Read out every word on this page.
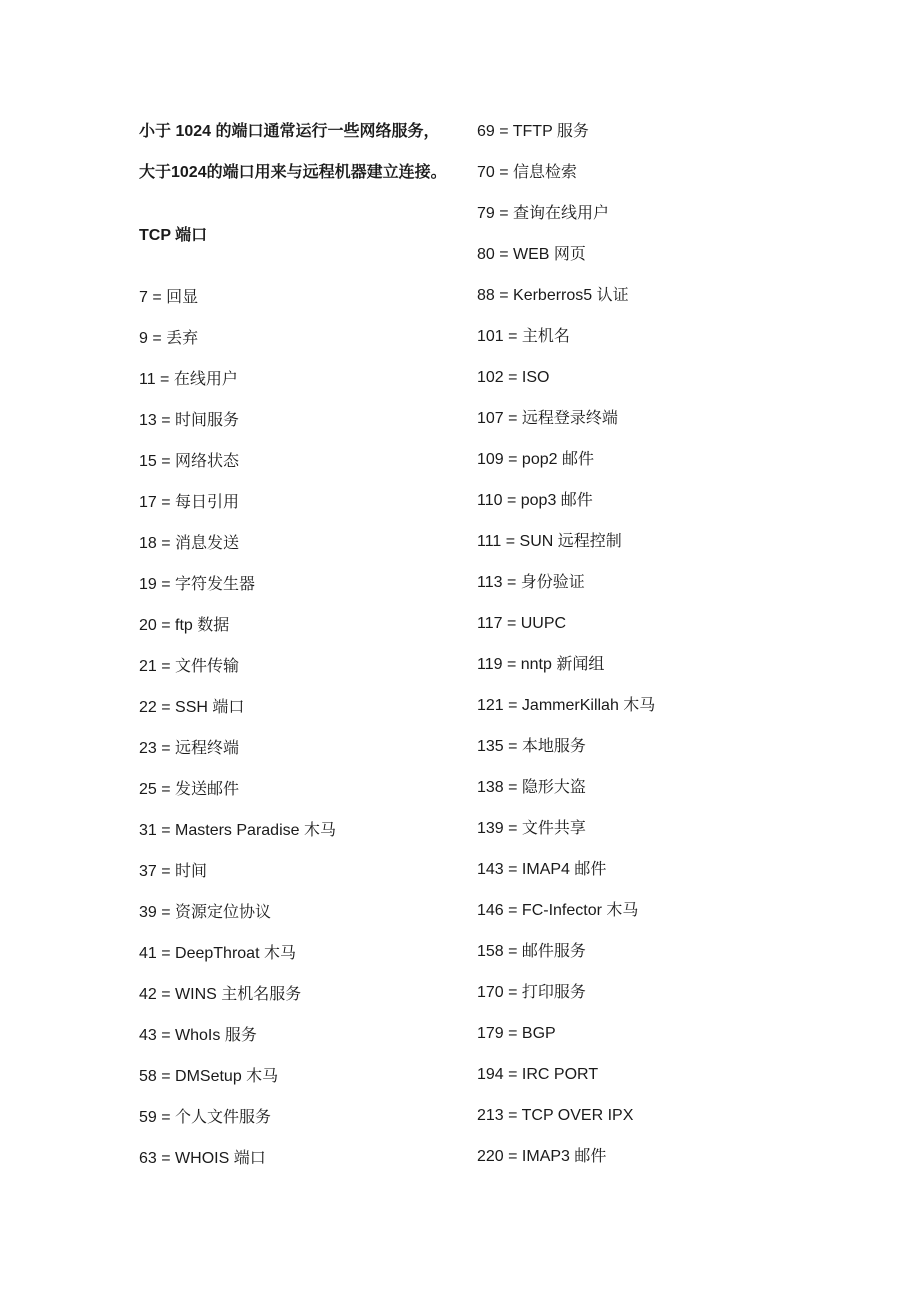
小于 1024 的端口通常运行一些网络服务，
大于1024的端口用来与远程机器建立连接。
TCP 端口
7 = 回显
9 = 丢弃
11 = 在线用户
13 = 时间服务
15 = 网络状态
17 = 每日引用
18 = 消息发送
19 = 字符发生器
20 = ftp 数据
21 = 文件传输
22 = SSH 端口
23 = 远程终端
25 = 发送邮件
31 = Masters Paradise 木马
37 = 时间
39 = 资源定位协议
41 = DeepThroat 木马
42 = WINS 主机名服务
43 = WhoIs 服务
58 = DMSetup 木马
59 = 个人文件服务
63 = WHOIS 端口
69 = TFTP 服务
70 = 信息检索
79 = 查询在线用户
80 = WEB 网页
88 = Kerberros5 认证
101 = 主机名
102 = ISO
107 = 远程登录终端
109 = pop2 邮件
110 = pop3 邮件
111 = SUN 远程控制
113 = 身份验证
117 = UUPC
119 = nntp 新闻组
121 = JammerKillah 木马
135 = 本地服务
138 = 隐形大盗
139 = 文件共享
143 = IMAP4 邮件
146 = FC-Infector 木马
158 = 邮件服务
170 = 打印服务
179 = BGP
194 = IRC PORT
213 = TCP OVER IPX
220 = IMAP3 邮件
